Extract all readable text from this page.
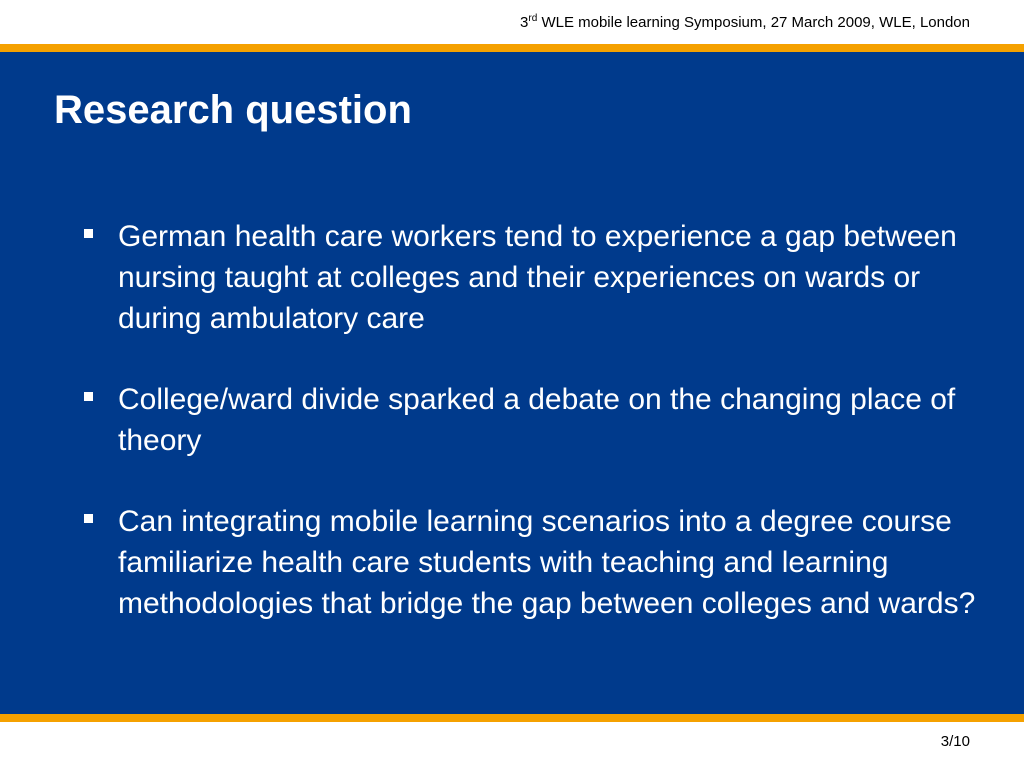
3rd WLE mobile learning Symposium, 27 March 2009, WLE, London
Research question
German health care workers tend to experience a gap between nursing taught at colleges and their experiences on wards or during ambulatory care
College/ward divide sparked a debate on the changing place of theory
Can integrating mobile learning scenarios into a degree course familiarize health care students with teaching and learning methodologies that bridge the gap between colleges and wards?
3/10
